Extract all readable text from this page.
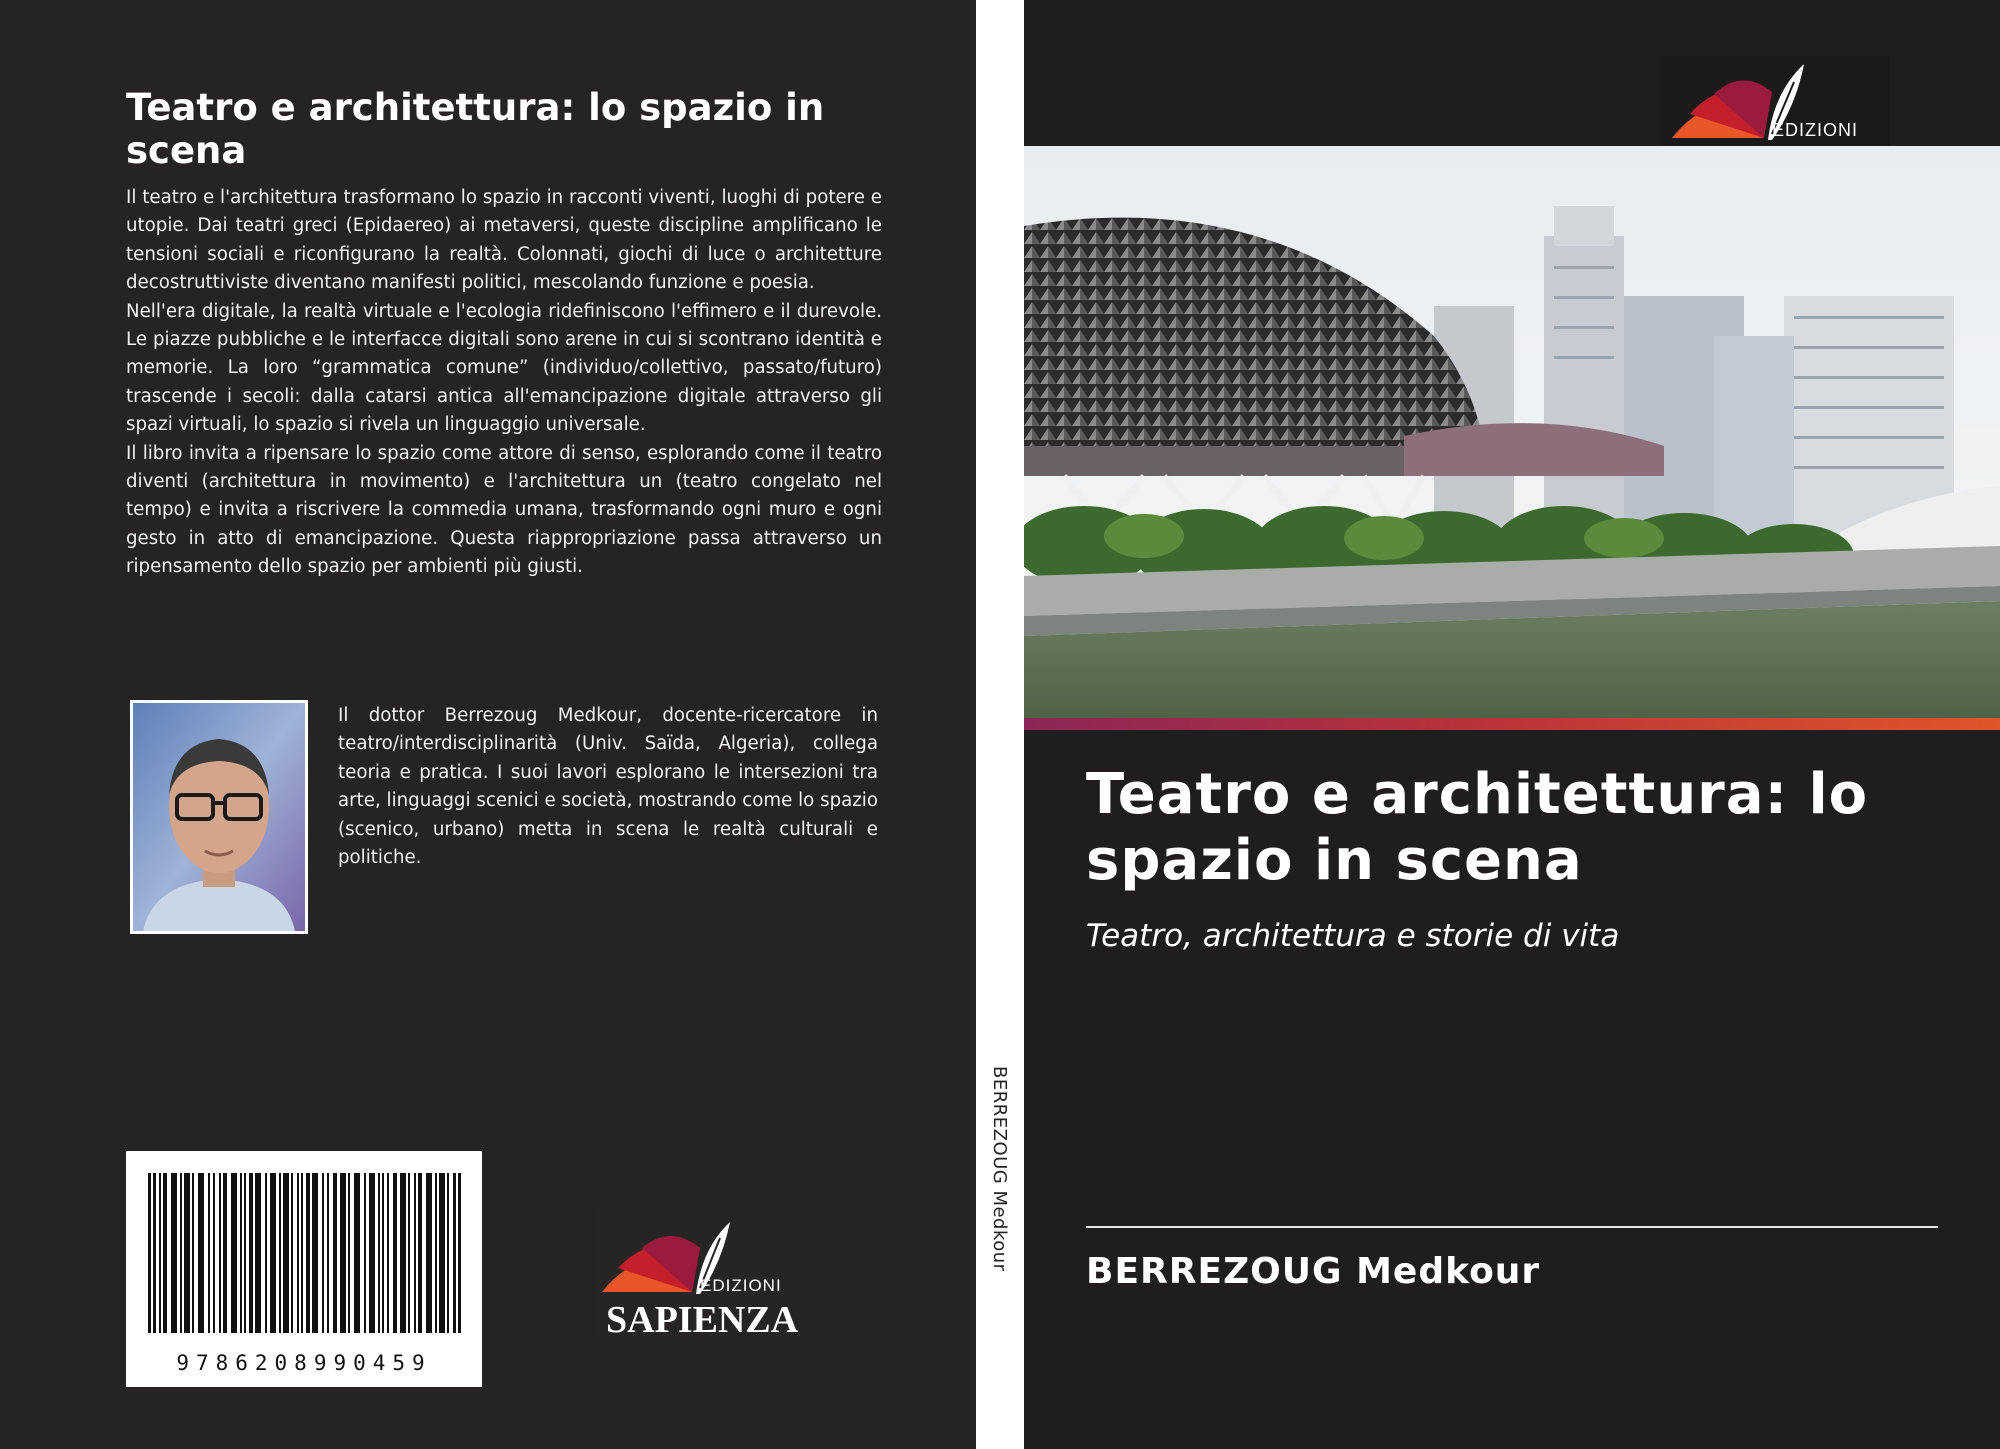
Teatro e architettura: lo spazio in scena

Il teatro e l'architettura trasformano lo spazio in racconti viventi, luoghi di potere e utopie. Dai teatri greci (Epidaereo) ai metaversi, queste discipline amplificano le tensioni sociali e riconfigurano la realtà. Colonnati, giochi di luce o architetture decostruttiviste diventano manifesti politici, mescolando funzione e poesia.

Nell'era digitale, la realtà virtuale e l'ecologia ridefiniscono l'effimero e il durevole. Le piazze pubbliche e le interfacce digitali sono arene in cui si scontrano identità e memorie. La loro “grammatica comune” (individuo/collettivo, passato/futuro) trascende i secoli: dalla catarsi antica all'emancipazione digitale attraverso gli spazi virtuali, lo spazio si rivela un linguaggio universale.

Il libro invita a ripensare lo spazio come attore di senso, esplorando come il teatro diventi (architettura in movimento) e l'architettura un (teatro congelato nel tempo) e invita a riscrivere la commedia umana, trasformando ogni muro e ogni gesto in atto di emancipazione. Questa riappropriazione passa attraverso un ripensamento dello spazio per ambienti più giusti.

Il dottor Berrezoug Medkour, docente-ricercatore in teatro/interdisciplinarità (Univ. Saïda, Algeria), collega teoria e pratica. I suoi lavori esplorano le intersezioni tra arte, linguaggi scenici e società, mostrando come lo spazio (scenico, urbano) metta in scena le realtà culturali e politiche.

9786208990459
EDIZIONI
SAPIENZA
BERREZOUG Medkour
EDIZIONI
Teatro e architettura: lo spazio in scena

Teatro, architettura e storie di vita

BERREZOUG Medkour
